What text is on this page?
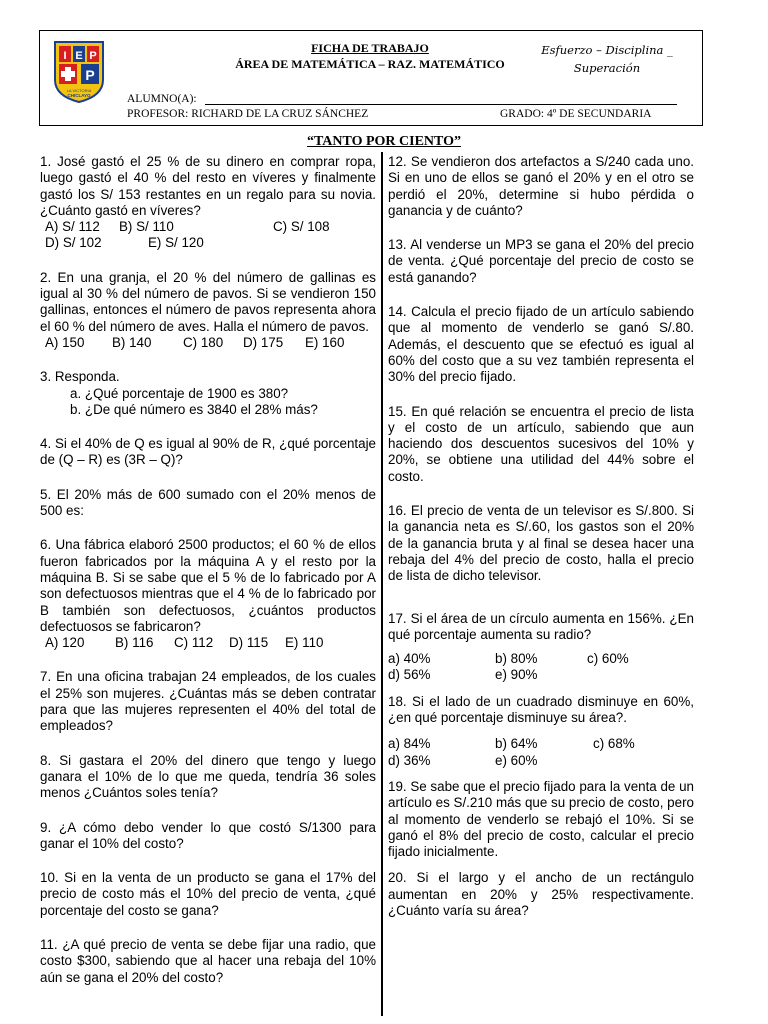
I E P
P
LA VICTORIA
CHICLAYO
FICHA DE TRABAJO
ÁREA DE MATEMÁTICA – RAZ. MATEMÁTICO
Esfuerzo – Disciplina _
Superación
ALUMNO(A):
PROFESOR: RICHARD DE LA CRUZ SÁNCHEZ	GRADO: 4º DE SECUNDARIA
“TANTO POR CIENTO”

1. José gastó el 25 % de su dinero en comprar ropa, luego gastó el 40 % del resto en víveres y finalmente gastó los S/ 153 restantes en un regalo para su novia. ¿Cuánto gastó en víveres?

A) S/ 112	B) S/ 110	C) S/ 108
D) S/ 102	E) S/ 120

2. En una granja, el 20 % del número de gallinas es igual al 30 % del número de pavos. Si se vendieron 150 gallinas, entonces el número de pavos representa ahora el 60 % del número de aves. Halla el número de pavos.

A) 150	B) 140	C) 180	D) 175	E) 160

3. Responda.

a. ¿Qué porcentaje de 1900 es 380?
b. ¿De qué número es 3840 el 28% más?

4. Si el 40% de Q es igual al 90% de R, ¿qué porcentaje de (Q – R) es (3R – Q)?

5. El 20% más de 600 sumado con el 20% menos de 500 es:

6. Una fábrica elaboró 2500 productos; el 60 % de ellos fueron fabricados por la máquina A y el resto por la máquina B. Si se sabe que el 5 % de lo fabricado por A son defectuosos mientras que el 4 % de lo fabricado por B también son defectuosos, ¿cuántos productos defectuosos se fabricaron?

A) 120	B) 116	C) 112	D) 115	E) 110

7. En una oficina trabajan 24 empleados, de los cuales el 25% son mujeres. ¿Cuántas más se deben contratar para que las mujeres representen el 40% del total de empleados?

8. Si gastara el 20% del dinero que tengo y luego ganara el 10% de lo que me queda, tendría 36 soles menos ¿Cuántos soles tenía?

9. ¿A cómo debo vender lo que costó S/1300 para ganar el 10% del costo?

10. Si en la venta de un producto se gana el 17% del precio de costo más el 10% del precio de venta, ¿qué porcentaje del costo se gana?

11. ¿A qué precio de venta se debe fijar una radio, que costo $300, sabiendo que al hacer una rebaja del 10% aún se gana el 20% del costo?

12. Se vendieron dos artefactos a S/240 cada uno. Si en uno de ellos se ganó el 20% y en el otro se perdió el 20%, determine si hubo pérdida o ganancia y de cuánto?

13. Al venderse un MP3 se gana el 20% del precio de venta. ¿Qué porcentaje del precio de costo se está ganando?

14. Calcula el precio fijado de un artículo sabiendo que al momento de venderlo se ganó S/.80. Además, el descuento que se efectuó es igual al 60% del costo que a su vez también representa el 30% del precio fijado.

15. En qué relación se encuentra el precio de lista y el costo de un artículo, sabiendo que aun haciendo dos descuentos sucesivos del 10% y 20%, se obtiene una utilidad del 44% sobre el costo.

16. El precio de venta de un televisor es S/.800. Si la ganancia neta es S/.60, los gastos son el 20% de la ganancia bruta y al final se desea hacer una rebaja del 4% del precio de costo, halla el precio de lista de dicho televisor.

17. Si el área de un círculo aumenta en 156%. ¿En qué porcentaje aumenta su radio?

a) 40%	b) 80%	c) 60%
d) 56%	e) 90%

18. Si el lado de un cuadrado disminuye en 60%, ¿en qué porcentaje disminuye su área?.

a) 84%	b) 64%	c) 68%
d) 36%	e) 60%

19. Se sabe que el precio fijado para la venta de un artículo es S/.210 más que su precio de costo, pero al momento de venderlo se rebajó el 10%. Si se ganó el 8% del precio de costo, calcular el precio fijado inicialmente.

20. Si el largo y el ancho de un rectángulo aumentan en 20% y 25% respectivamente. ¿Cuánto varía su área?
